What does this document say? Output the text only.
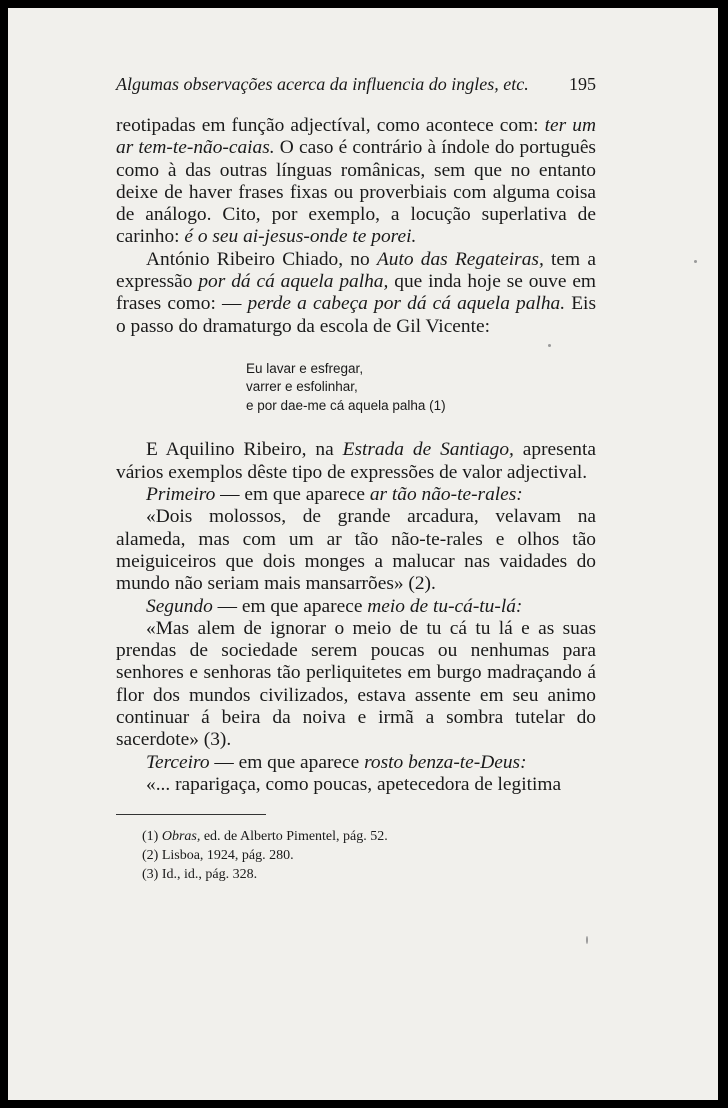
Algumas observações acerca da influencia do ingles, etc. 195

reotipadas em função adjectíval, como acontece com: ter um ar tem-te-não-caias. O caso é contrário à índole do português como à das outras línguas românicas, sem que no entanto deixe de haver frases fixas ou proverbiais com alguma coisa de análogo. Cito, por exemplo, a locução superlativa de carinho: é o seu ai-jesus-onde te porei.

António Ribeiro Chiado, no Auto das Regateiras, tem a expressão por dá cá aquela palha, que inda hoje se ouve em frases como: — perde a cabeça por dá cá aquela palha. Eis o passo do dramaturgo da escola de Gil Vicente:

Eu lavar e esfregar,
varrer e esfolinhar,
e por dae-me cá aquela palha (1)

E Aquilino Ribeiro, na Estrada de Santiago, apresenta vários exemplos dêste tipo de expressões de valor adjectival.

Primeiro — em que aparece ar tão não-te-rales:

«Dois molossos, de grande arcadura, velavam na alameda, mas com um ar tão não-te-rales e olhos tão meiguiceiros que dois monges a malucar nas vaidades do mundo não seriam mais mansarrões» (2).

Segundo — em que aparece meio de tu-cá-tu-lá:

«Mas alem de ignorar o meio de tu cá tu lá e as suas prendas de sociedade serem poucas ou nenhumas para senhores e senhoras tão perliquitetes em burgo madraçando á flor dos mundos civilizados, estava assente em seu animo continuar á beira da noiva e irmã a sombra tutelar do sacerdote» (3).

Terceiro — em que aparece rosto benza-te-Deus:

«... raparigaça, como poucas, apetecedora de legitima

(1) Obras, ed. de Alberto Pimentel, pág. 52.
(2) Lisboa, 1924, pág. 280.
(3) Id., id., pág. 328.
